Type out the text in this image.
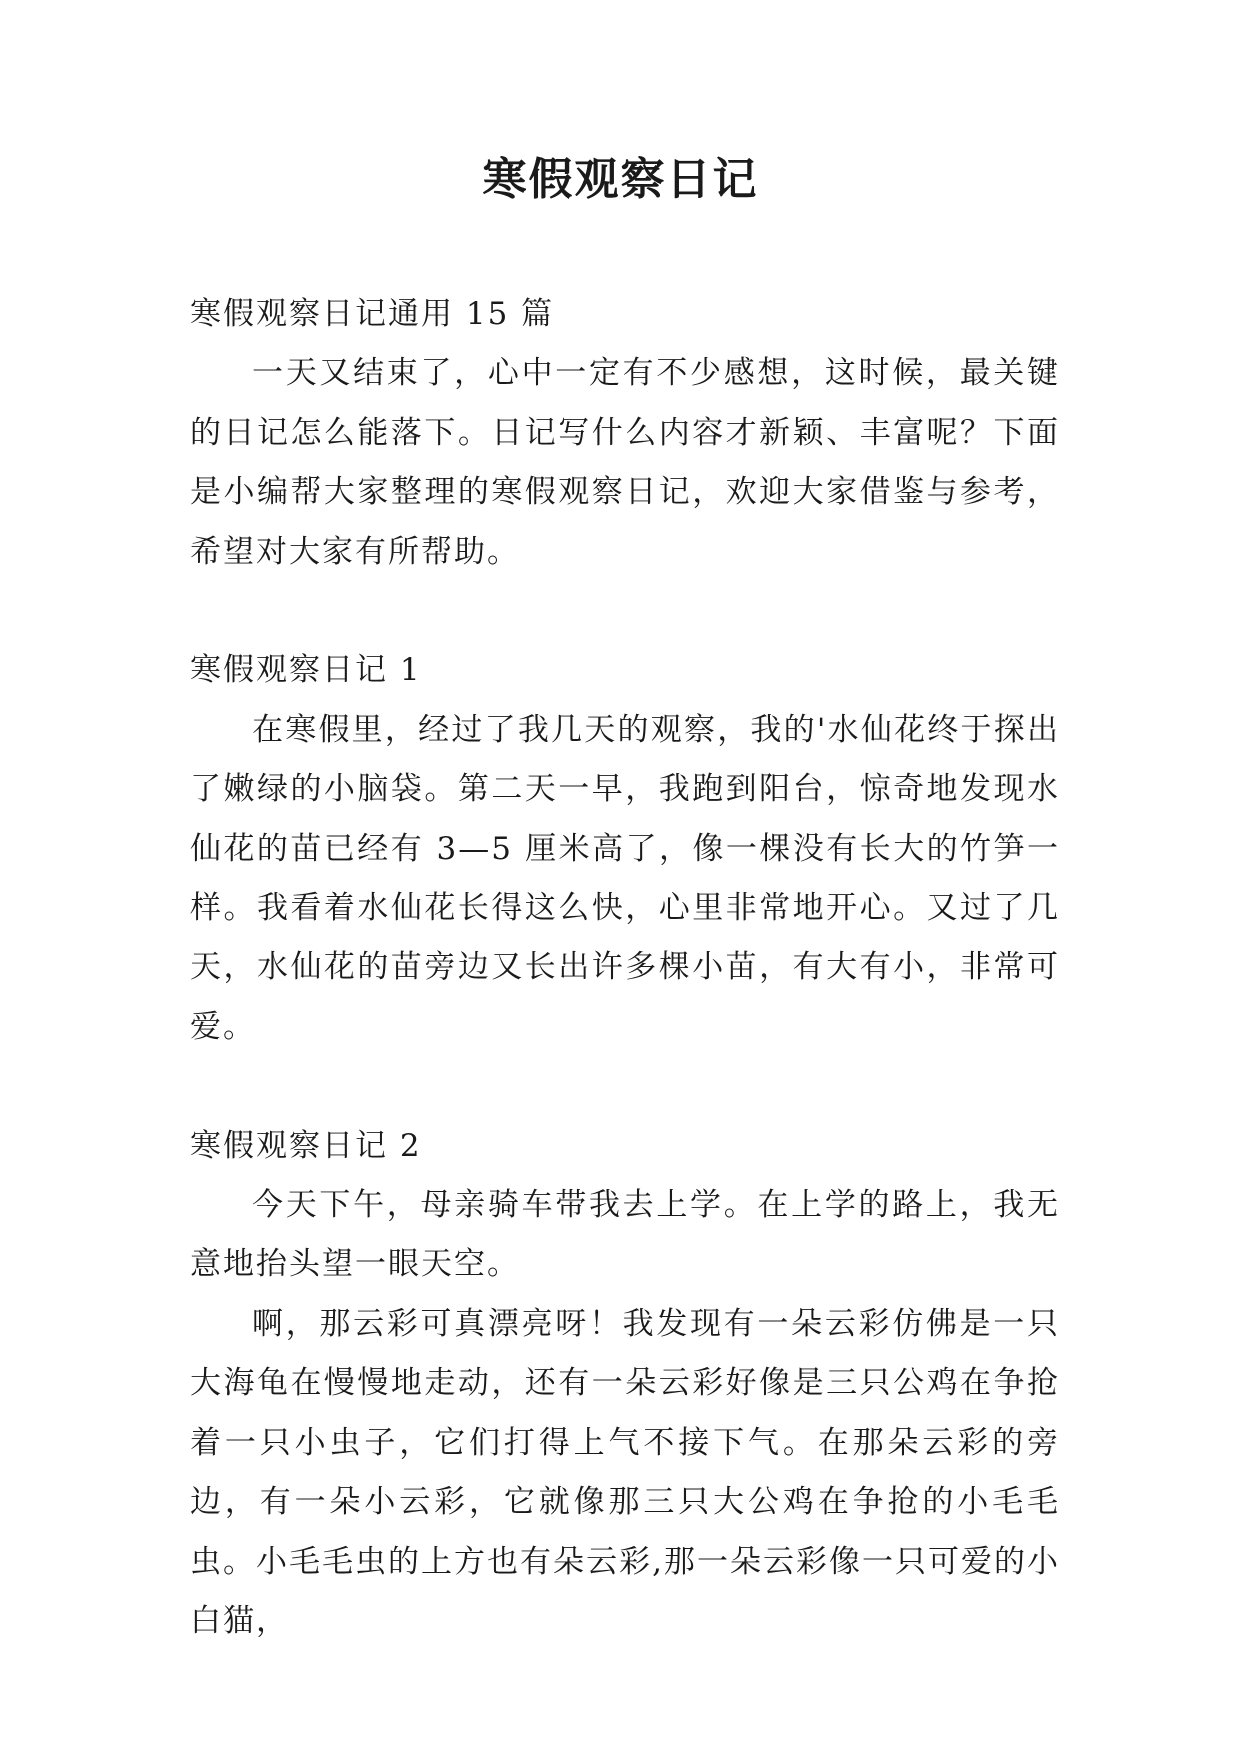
寒假观察日记

寒假观察日记通用 15 篇

一天又结束了，心中一定有不少感想，这时候，最关键的日记怎么能落下。日记写什么内容才新颖、丰富呢？下面是小编帮大家整理的寒假观察日记，欢迎大家借鉴与参考，希望对大家有所帮助。

寒假观察日记 1

在寒假里，经过了我几天的观察，我的'水仙花终于探出了嫩绿的小脑袋。第二天一早，我跑到阳台，惊奇地发现水仙花的苗已经有 3—5 厘米高了，像一棵没有长大的竹笋一样。我看着水仙花长得这么快，心里非常地开心。又过了几天，水仙花的苗旁边又长出许多棵小苗，有大有小，非常可爱。

寒假观察日记 2

今天下午，母亲骑车带我去上学。在上学的路上，我无意地抬头望一眼天空。

啊，那云彩可真漂亮呀！我发现有一朵云彩仿佛是一只大海龟在慢慢地走动，还有一朵云彩好像是三只公鸡在争抢着一只小虫子，它们打得上气不接下气。在那朵云彩的旁边，有一朵小云彩，它就像那三只大公鸡在争抢的小毛毛虫。小毛毛虫的上方也有朵云彩,那一朵云彩像一只可爱的小白猫，
